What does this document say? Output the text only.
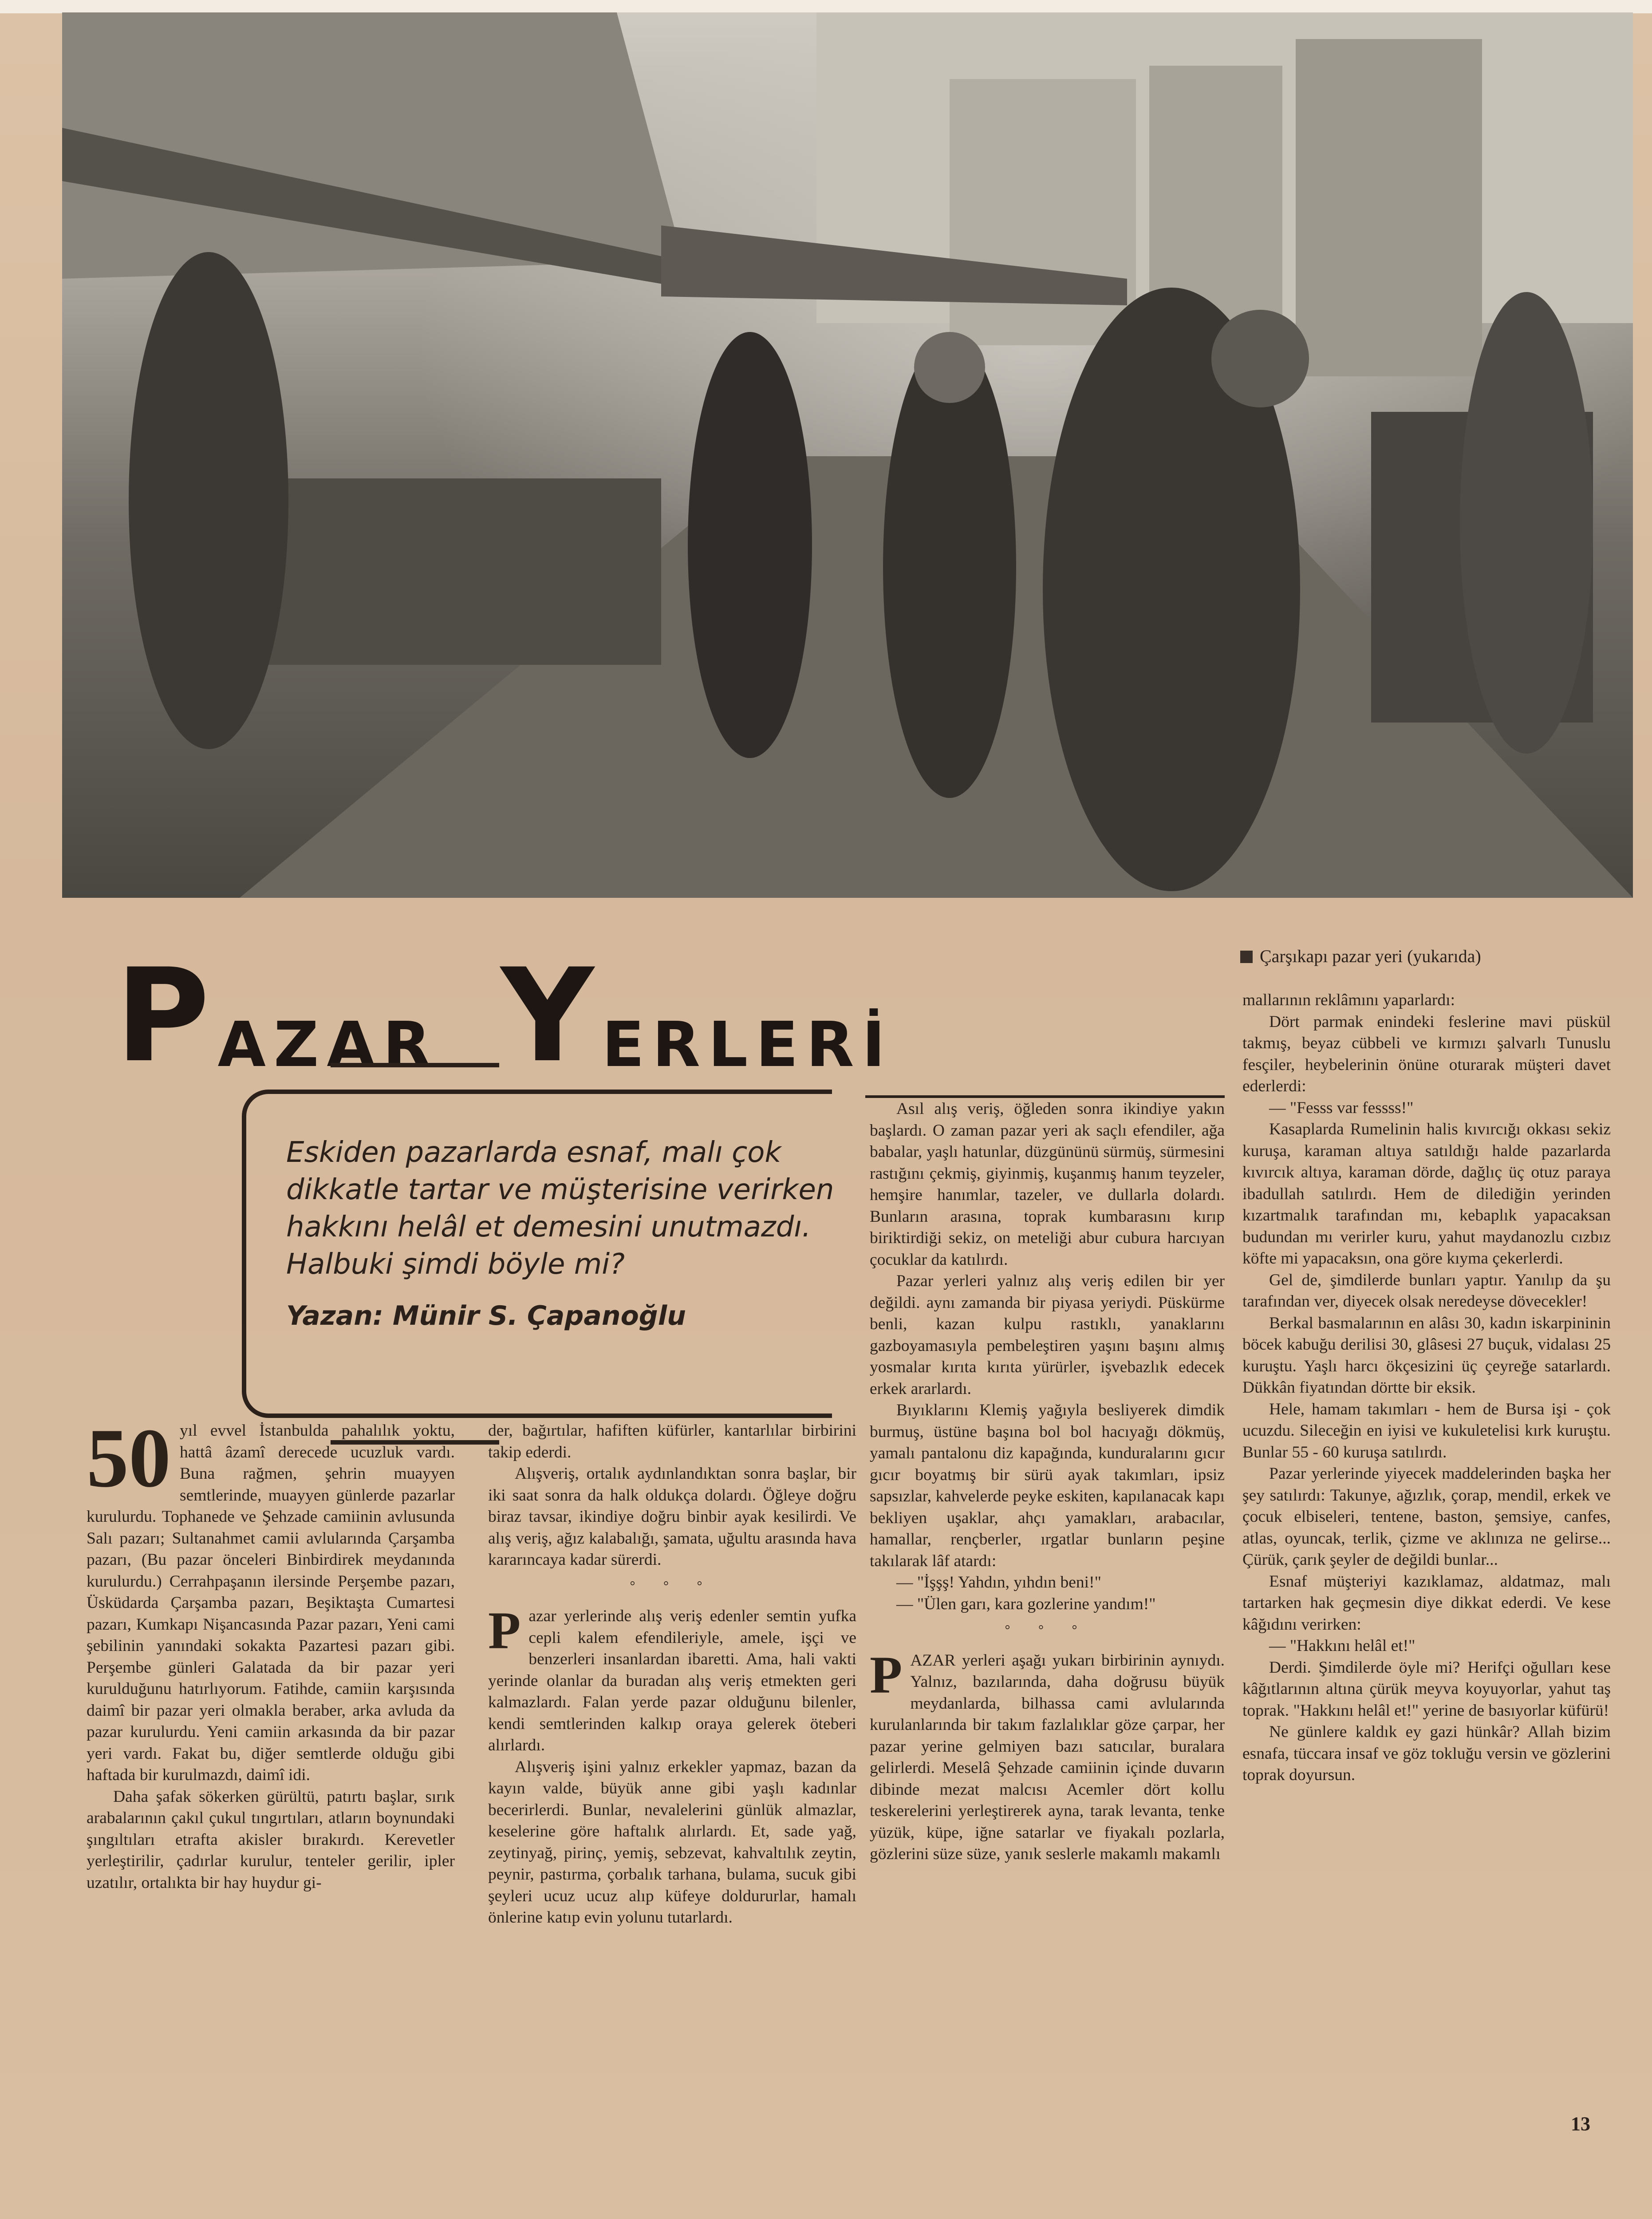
Çarşıkapı pazar yeri (yukarıda)
PAZAR YERLERİ
Eskiden pazarlarda esnaf, malı çok
dikkatle tartar ve müşterisine verirken
hakkını helâl et demesini unutmazdı.
Halbuki şimdi böyle mi?
Yazan: Münir S. Çapanoğlu

50 yıl evvel İstanbulda pahalılık yoktu, hattâ âzamî derecede ucuzluk vardı. Buna rağmen, şehrin muayyen semtlerinde, muayyen günlerde pazarlar kurulurdu. Tophanede ve Şehzade camiinin avlusunda Salı pazarı; Sultanahmet camii avlularında Çarşamba pazarı, (Bu pazar önceleri Binbirdirek meydanında kurulurdu.) Cerrahpaşanın ilersinde Perşembe pazarı, Üsküdarda Çarşamba pazarı, Beşiktaşta Cumartesi pazarı, Kumkapı Nişancasında Pazar pazarı, Yeni cami şebilinin yanındaki sokakta Pazartesi pazarı gibi. Perşembe günleri Galatada da bir pazar yeri kurulduğunu hatırlıyorum. Fatihde, camiin karşısında daimî bir pazar yeri olmakla beraber, arka avluda da pazar kurulurdu. Yeni camiin arkasında da bir pazar yeri vardı. Fakat bu, diğer semtlerde olduğu gibi haftada bir kurulmazdı, daimî idi.

Daha şafak sökerken gürültü, patırtı başlar, sırık arabalarının çakıl çukul tıngırtıları, atların boynundaki şıngıltıları etrafta akisler bırakırdı. Kerevetler yerleştirilir, çadırlar kurulur, tenteler gerilir, ipler uzatılır, ortalıkta bir hay huydur gi-

der, bağırtılar, hafiften küfürler, kantarlılar birbirini takip ederdi.

Alışveriş, ortalık aydınlandıktan sonra başlar, bir iki saat sonra da halk oldukça dolardı. Öğleye doğru biraz tavsar, ikindiye doğru binbir ayak kesilirdi. Ve alış veriş, ağız kalabalığı, şamata, uğultu arasında hava kararıncaya kadar sürerdi.

° ° °

Pazar yerlerinde alış veriş edenler semtin yufka cepli kalem efendileriyle, amele, işçi ve benzerleri insanlardan ibaretti. Ama, hali vakti yerinde olanlar da buradan alış veriş etmekten geri kalmazlardı. Falan yerde pazar olduğunu bilenler, kendi semtlerinden kalkıp oraya gelerek öteberi alırlardı.

Alışveriş işini yalnız erkekler yapmaz, bazan da kayın valde, büyük anne gibi yaşlı kadınlar becerirlerdi. Bunlar, nevalelerini günlük almazlar, keselerine göre haftalık alırlardı. Et, sade yağ, zeytinyağ, pirinç, yemiş, sebzevat, kahvaltılık zeytin, peynir, pastırma, çorbalık tarhana, bulama, sucuk gibi şeyleri ucuz ucuz alıp küfeye doldururlar, hamalı önlerine katıp evin yolunu tutarlardı.

Asıl alış veriş, öğleden sonra ikindiye yakın başlardı. O zaman pazar yeri ak saçlı efendiler, ağa babalar, yaşlı hatunlar, düzgününü sürmüş, sürmesini rastığını çekmiş, giyinmiş, kuşanmış hanım teyzeler, hemşire hanımlar, tazeler, ve dullarla dolardı. Bunların arasına, toprak kumbarasını kırıp biriktirdiği sekiz, on meteliği abur cubura harcıyan çocuklar da katılırdı.

Pazar yerleri yalnız alış veriş edilen bir yer değildi. aynı zamanda bir piyasa yeriydi. Püskürme benli, kazan kulpu rastıklı, yanaklarını gazboyamasıyla pembeleştiren yaşını başını almış yosmalar kırıta kırıta yürürler, işvebazlık edecek erkek ararlardı.

Bıyıklarını Klemiş yağıyla besliyerek dimdik burmuş, üstüne başına bol bol hacıyağı dökmüş, yamalı pantalonu diz kapağında, kunduralarını gıcır gıcır boyatmış bir sürü ayak takımları, ipsiz sapsızlar, kahvelerde peyke eskiten, kapılanacak kapı bekliyen uşaklar, ahçı yamakları, arabacılar, hamallar, rençberler, ırgatlar bunların peşine takılarak lâf atardı:

— "İşşş! Yahdın, yıhdın beni!"

— "Ülen garı, kara gozlerine yandım!"

° ° °

PAZAR yerleri aşağı yukarı birbirinin aynıydı. Yalnız, bazılarında, daha doğrusu büyük meydanlarda, bilhassa cami avlularında kurulanlarında bir takım fazlalıklar göze çarpar, her pazar yerine gelmiyen bazı satıcılar, buralara gelirlerdi. Meselâ Şehzade camiinin içinde duvarın dibinde mezat malcısı Acemler dört kollu teskerelerini yerleştirerek ayna, tarak levanta, tenke yüzük, küpe, iğne satarlar ve fiyakalı pozlarla, gözlerini süze süze, yanık seslerle makamlı makamlı

mallarının reklâmını yaparlardı:

Dört parmak enindeki feslerine mavi püskül takmış, beyaz cübbeli ve kırmızı şalvarlı Tunuslu fesçiler, heybelerinin önüne oturarak müşteri davet ederlerdi:

— "Fesss var fessss!"

Kasaplarda Rumelinin halis kıvırcığı okkası sekiz kuruşa, karaman altıya satıldığı halde pazarlarda kıvırcık altıya, karaman dörde, dağlıç üç otuz paraya ibadullah satılırdı. Hem de dilediğin yerinden kızartmalık tarafından mı, kebaplık yapacaksan budundan mı verirler kuru, yahut maydanozlu cızbız köfte mi yapacaksın, ona göre kıyma çekerlerdi.

Gel de, şimdilerde bunları yaptır. Yanılıp da şu tarafından ver, diyecek olsak neredeyse dövecekler!

Berkal basmalarının en alâsı 30, kadın iskarpininin böcek kabuğu derilisi 30, glâsesi 27 buçuk, vidalası 25 kuruştu. Yaşlı harcı ökçesizini üç çeyreğe satarlardı. Dükkân fiyatından dörtte bir eksik.

Hele, hamam takımları - hem de Bursa işi - çok ucuzdu. Sileceğin en iyisi ve kukuletelisi kırk kuruştu. Bunlar 55 - 60 kuruşa satılırdı.

Pazar yerlerinde yiyecek maddelerinden başka her şey satılırdı: Takunye, ağızlık, çorap, mendil, erkek ve çocuk elbiseleri, tentene, baston, şemsiye, canfes, atlas, oyuncak, terlik, çizme ve aklınıza ne gelirse... Çürük, çarık şeyler de değildi bunlar...

Esnaf müşteriyi kazıklamaz, aldatmaz, malı tartarken hak geçmesin diye dikkat ederdi. Ve kese kâğıdını verirken:

— "Hakkını helâl et!"

Derdi. Şimdilerde öyle mi? Herifçi oğulları kese kâğıtlarının altına çürük meyva koyuyorlar, yahut taş toprak. "Hakkını helâl et!" yerine de basıyorlar küfürü!

Ne günlere kaldık ey gazi hünkâr? Allah bizim esnafa, tüccara insaf ve göz tokluğu versin ve gözlerini toprak doyursun.

13
